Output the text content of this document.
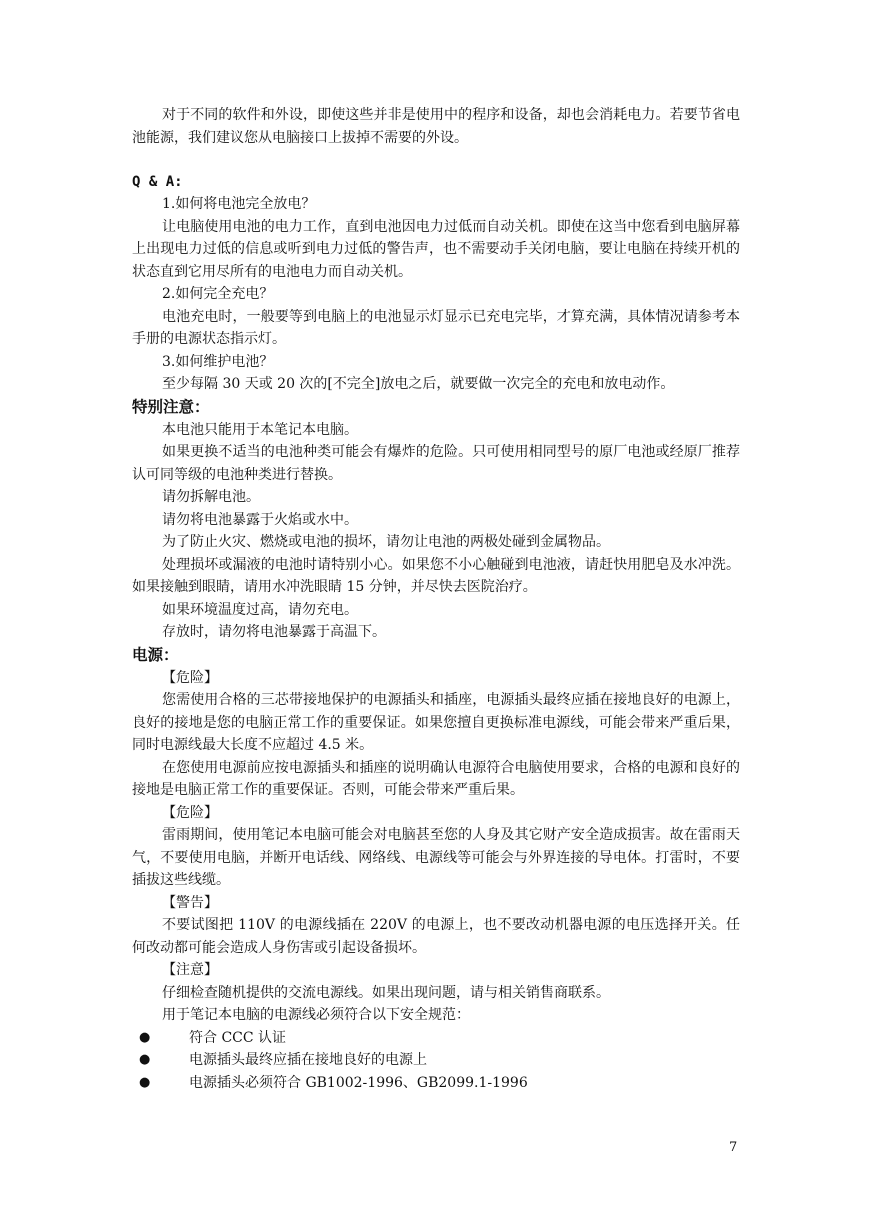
对于不同的软件和外设，即使这些并非是使用中的程序和设备，却也会消耗电力。若要节省电池能源，我们建议您从电脑接口上拔掉不需要的外设。

Q & A:

1.如何将电池完全放电？

让电脑使用电池的电力工作，直到电池因电力过低而自动关机。即使在这当中您看到电脑屏幕上出现电力过低的信息或听到电力过低的警告声，也不需要动手关闭电脑，要让电脑在持续开机的状态直到它用尽所有的电池电力而自动关机。

2.如何完全充电？

电池充电时，一般要等到电脑上的电池显示灯显示已充电完毕，才算充满，具体情况请参考本手册的电源状态指示灯。

3.如何维护电池？

至少每隔 30 天或 20 次的[不完全]放电之后，就要做一次完全的充电和放电动作。

特别注意：

本电池只能用于本笔记本电脑。

如果更换不适当的电池种类可能会有爆炸的危险。只可使用相同型号的原厂电池或经原厂推荐认可同等级的电池种类进行替换。

请勿拆解电池。

请勿将电池暴露于火焰或水中。

为了防止火灾、燃烧或电池的损坏，请勿让电池的两极处碰到金属物品。

处理损坏或漏液的电池时请特别小心。如果您不小心触碰到电池液，请赶快用肥皂及水冲洗。如果接触到眼睛，请用水冲洗眼睛 15 分钟，并尽快去医院治疗。

如果环境温度过高，请勿充电。

存放时，请勿将电池暴露于高温下。

电源：

【危险】

您需使用合格的三芯带接地保护的电源插头和插座，电源插头最终应插在接地良好的电源上，良好的接地是您的电脑正常工作的重要保证。如果您擅自更换标准电源线，可能会带来严重后果，同时电源线最大长度不应超过 4.5 米。

在您使用电源前应按电源插头和插座的说明确认电源符合电脑使用要求，合格的电源和良好的接地是电脑正常工作的重要保证。否则，可能会带来严重后果。

【危险】

雷雨期间，使用笔记本电脑可能会对电脑甚至您的人身及其它财产安全造成损害。故在雷雨天气，不要使用电脑，并断开电话线、网络线、电源线等可能会与外界连接的导电体。打雷时，不要插拔这些线缆。

【警告】

不要试图把 110V 的电源线插在 220V 的电源上，也不要改动机器电源的电压选择开关。任何改动都可能会造成人身伤害或引起设备损坏。

【注意】

仔细检查随机提供的交流电源线。如果出现问题，请与相关销售商联系。

用于笔记本电脑的电源线必须符合以下安全规范：

●	符合 CCC 认证
●	电源插头最终应插在接地良好的电源上
●	电源插头必须符合 GB1002-1996、GB2099.1-1996
7
